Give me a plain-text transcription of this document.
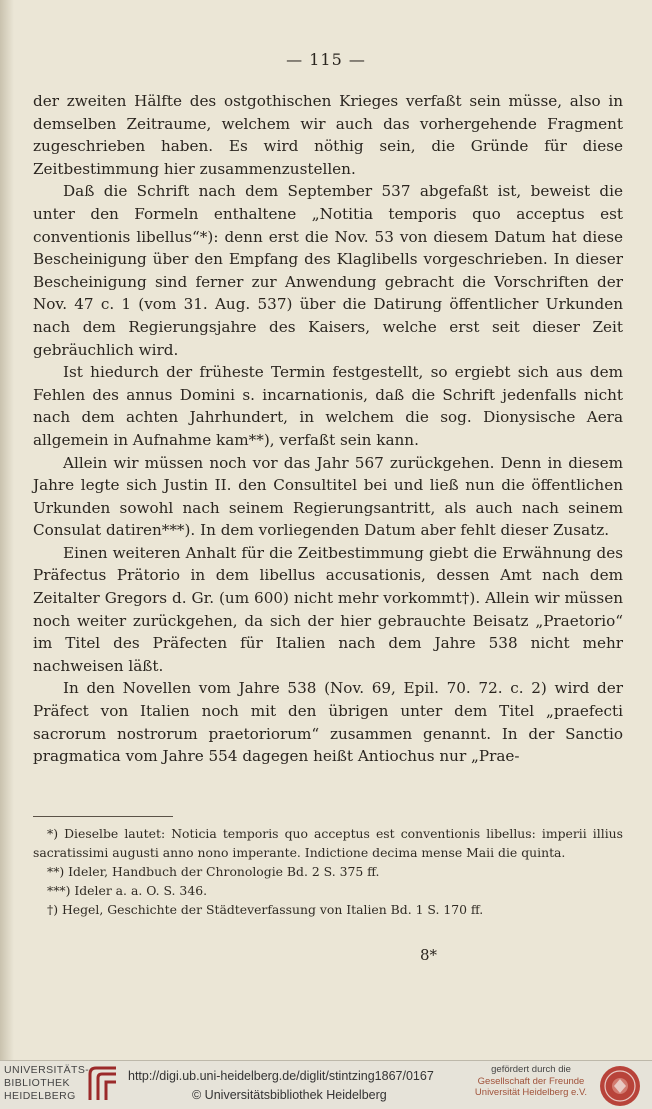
— 115 —

der zweiten Hälfte des ostgothischen Krieges verfaßt sein müsse, also in demselben Zeitraume, welchem wir auch das vorhergehende Fragment zugeschrieben haben. Es wird nöthig sein, die Gründe für diese Zeitbestimmung hier zusammenzustellen.

Daß die Schrift nach dem September 537 abgefaßt ist, beweist die unter den Formeln enthaltene „Notitia temporis quo acceptus est conventionis libellus“*): denn erst die Nov. 53 von diesem Datum hat diese Bescheinigung über den Empfang des Klaglibells vorgeschrieben. In dieser Bescheinigung sind ferner zur Anwendung gebracht die Vorschriften der Nov. 47 c. 1 (vom 31. Aug. 537) über die Datirung öffentlicher Urkunden nach dem Regierungsjahre des Kaisers, welche erst seit dieser Zeit gebräuchlich wird.

Ist hiedurch der früheste Termin festgestellt, so ergiebt sich aus dem Fehlen des annus Domini s. incarnationis, daß die Schrift jedenfalls nicht nach dem achten Jahrhundert, in welchem die sog. Dionysische Aera allgemein in Aufnahme kam**), verfaßt sein kann.

Allein wir müssen noch vor das Jahr 567 zurückgehen. Denn in diesem Jahre legte sich Justin II. den Consultitel bei und ließ nun die öffentlichen Urkunden sowohl nach seinem Regierungsantritt, als auch nach seinem Consulat datiren***). In dem vorliegenden Datum aber fehlt dieser Zusatz.

Einen weiteren Anhalt für die Zeitbestimmung giebt die Erwähnung des Präfectus Prätorio in dem libellus accusationis, dessen Amt nach dem Zeitalter Gregors d. Gr. (um 600) nicht mehr vorkommt†). Allein wir müssen noch weiter zurückgehen, da sich der hier gebrauchte Beisatz „Praetorio“ im Titel des Präfecten für Italien nach dem Jahre 538 nicht mehr nachweisen läßt.

In den Novellen vom Jahre 538 (Nov. 69, Epil. 70. 72. c. 2) wird der Präfect von Italien noch mit den übrigen unter dem Titel „praefecti sacrorum nostrorum praetoriorum“ zusammen genannt. In der Sanctio pragmatica vom Jahre 554 dagegen heißt Antiochus nur „Prae-

*) Dieselbe lautet: Noticia temporis quo acceptus est conventionis libellus: imperii illius sacratissimi augusti anno nono imperante. Indictione decima mense Maii die quinta.

**) Ideler, Handbuch der Chronologie Bd. 2 S. 375 ff.

***) Ideler a. a. O. S. 346.

†) Hegel, Geschichte der Städteverfassung von Italien Bd. 1 S. 170 ff.

8*
UNIVERSITÄTS-
BIBLIOTHEK
HEIDELBERG
http://digi.ub.uni-heidelberg.de/diglit/stintzing1867/0167
© Universitätsbibliothek Heidelberg
gefördert durch die
Gesellschaft der Freunde
Universität Heidelberg e.V.
